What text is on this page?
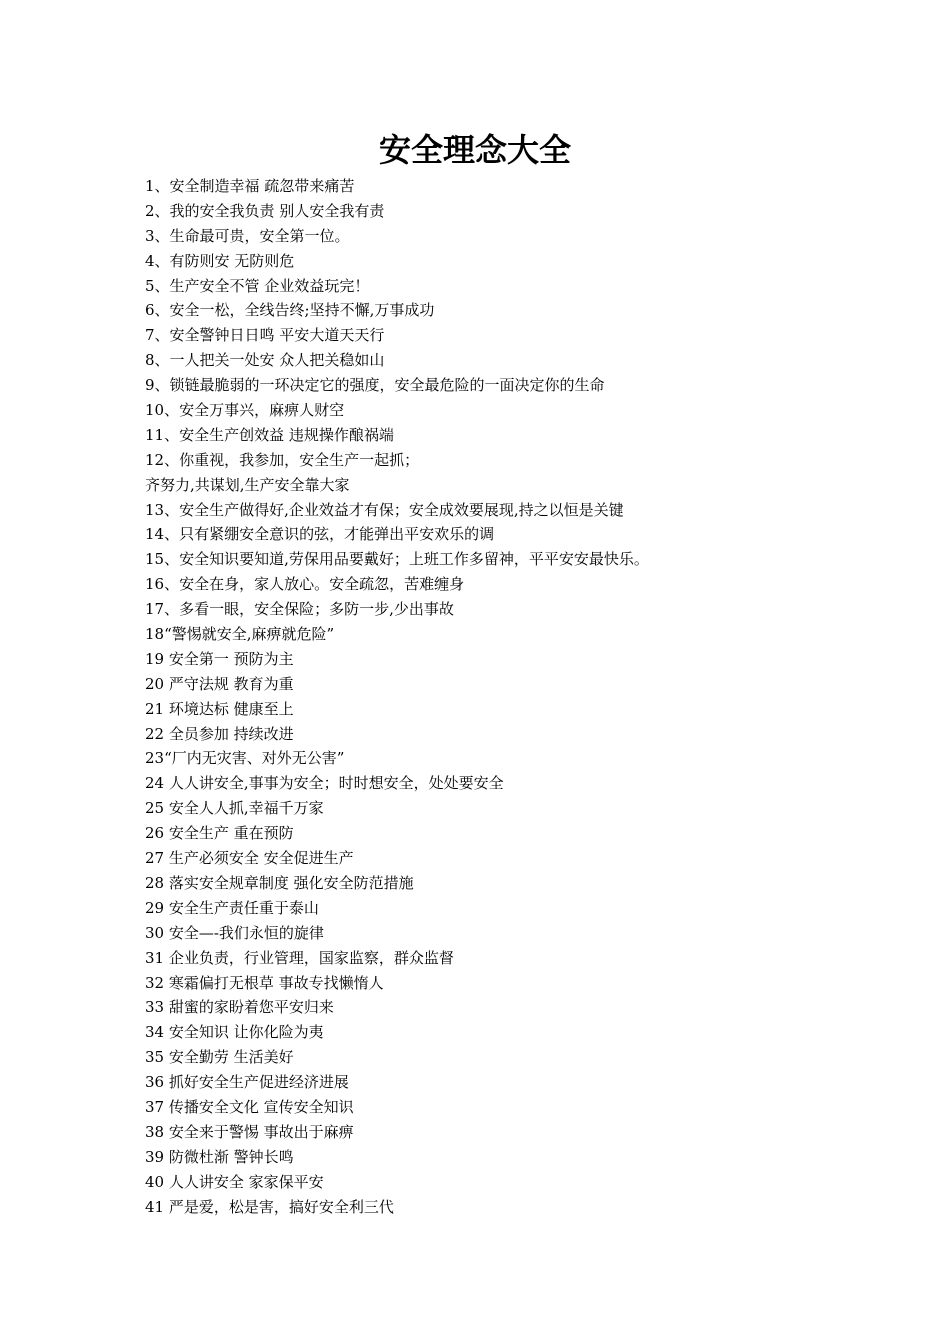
安全理念大全
1、安全制造幸福 疏忽带来痛苦
2、我的安全我负责 别人安全我有责
3、生命最可贵，安全第一位。
4、有防则安 无防则危
5、生产安全不管 企业效益玩完！
6、安全一松，全线告终;坚持不懈,万事成功
7、安全警钟日日鸣 平安大道天天行
8、一人把关一处安 众人把关稳如山
9、锁链最脆弱的一环决定它的强度，安全最危险的一面决定你的生命
10、安全万事兴，麻痹人财空
11、安全生产创效益 违规操作酿祸端
12、你重视，我参加，安全生产一起抓；
齐努力,共谋划,生产安全靠大家
13、安全生产做得好,企业效益才有保；安全成效要展现,持之以恒是关键
14、只有紧绷安全意识的弦，才能弹出平安欢乐的调
15、安全知识要知道,劳保用品要戴好；上班工作多留神，平平安安最快乐。
16、安全在身，家人放心。安全疏忽，苦难缠身
17、多看一眼，安全保险；多防一步,少出事故
18“警惕就安全,麻痹就危险”
19 安全第一 预防为主
20 严守法规 教育为重
21 环境达标 健康至上
22 全员参加 持续改进
23“厂内无灾害、对外无公害”
24 人人讲安全,事事为安全；时时想安全，处处要安全
25 安全人人抓,幸福千万家
26 安全生产 重在预防
27 生产必须安全 安全促进生产
28 落实安全规章制度 强化安全防范措施
29 安全生产责任重于泰山
30 安全—-我们永恒的旋律
31 企业负责，行业管理，国家监察，群众监督
32 寒霜偏打无根草 事故专找懒惰人
33 甜蜜的家盼着您平安归来
34 安全知识 让你化险为夷
35 安全勤劳 生活美好
36 抓好安全生产促进经济进展
37 传播安全文化 宣传安全知识
38 安全来于警惕 事故出于麻痹
39 防微杜渐 警钟长鸣
40 人人讲安全 家家保平安
41 严是爱，松是害，搞好安全利三代
